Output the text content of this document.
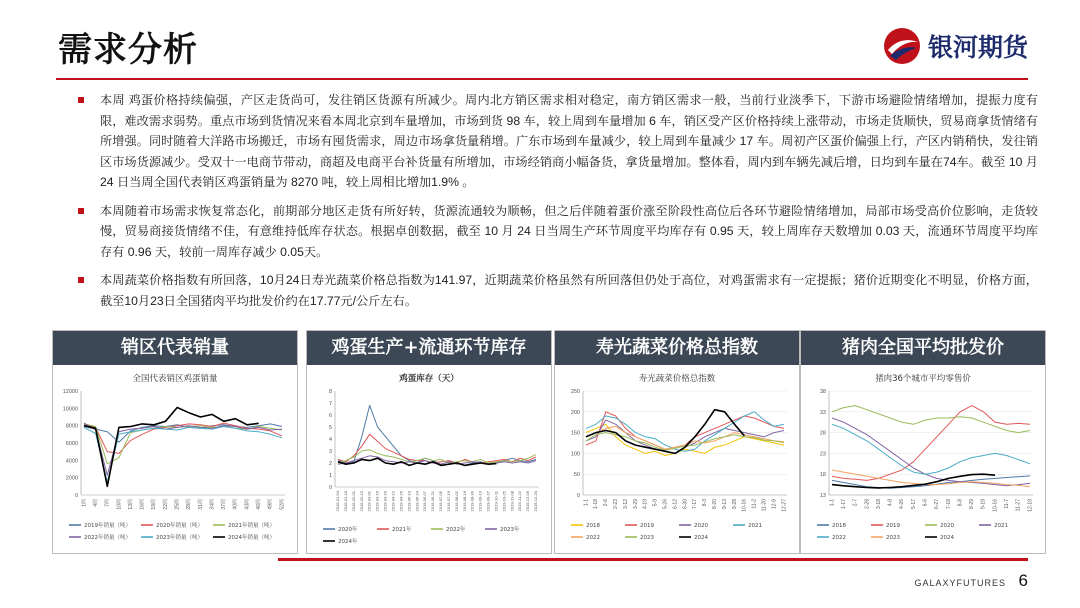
需求分析	银河期货
本周 鸡蛋价格持续偏强，产区走货尚可，发往销区货源有所减少。周内北方销区需求相对稳定，南方销区需求一般，当前行业淡季下，下游市场避险情绪增加，提振力度有限，难改需求弱势。重点市场到货情况来看本周北京到车量增加，市场到货 98 车，较上周到车量增加 6 车，销区受产区价格持续上涨带动，市场走货顺快，贸易商拿货情绪有所增强。同时随着大洋路市场搬迁，市场有囤货需求，周边市场拿货量稍增。广东市场到车量减少，较上周到车量减少 17 车。周初产区蛋价偏强上行，产区内销稍快，发往销区市场货源减少。受双十一电商节带动，商超及电商平台补货量有所增加，市场经销商小幅备货，拿货量增加。整体看，周内到车辆先减后增，日均到车量在74车。截至 10 月 24 日当周全国代表销区鸡蛋销量为 8270 吨，较上周相比增加1.9% 。
本周随着市场需求恢复常态化，前期部分地区走货有所好转，货源流通较为顺畅，但之后伴随着蛋价涨至阶段性高位后各环节避险情绪增加，局部市场受高价位影响，走货较慢，贸易商接货情绪不佳，有意维持低库存状态。根据卓创数据，截至 10 月 24 日当周生产环节周度平均库存有 0.95 天，较上周库存天数增加 0.03 天，流通环节周度平均库存有 0.96 天，较前一周库存减少 0.05天。
本周蔬菜价格指数有所回落，10月24日寿光蔬菜价格总指数为141.97，近期蔬菜价格虽然有所回落但仍处于高位，对鸡蛋需求有一定提振；猪价近期变化不明显，价格方面，截至10月23日全国猪肉平均批发价约在17.77元/公斤左右。
销区代表销量
全国代表销区鸡蛋销量
0
2000
4000
6000
8000
10000
12000
1周 4周 7周 10周 13周 16周 19周 22周 25周 28周 31周 34周 37周 40周 43周 46周 49周 52周
2019年销量（吨）	2020年销量（吨）	2021年销量（吨）
2022年销量（吨）	2023年销量（吨）	2024年销量（吨）
鸡蛋生产+流通环节库存
鸡蛋库存（天）
0
1
2
3
4
5
6
7
8
2019-01-04 2019-01-18 2019-02-01 2019-02-15 2019-03-01 2019-03-15 2019-03-29 2019-04-12 2019-04-26 2019-05-10 2019-05-24 2019-06-07 2019-06-21 2019-07-05 2019-07-19 2019-08-02 2019-08-16 2019-08-30 2019-09-13 2019-09-27 2019-10-11 2019-10-25 2019-11-08 2019-11-22 2019-12-06 2019-12-20
2020年	2021年	2022年	2023年
2024年
寿光蔬菜价格总指数
寿光蔬菜价格总指数
0
50
100
150
200
250
1-1 1-18 2-6 2-23 3-12 3-29 4-19 5-9 5-26 6-12 6-30 7-17 8-3 8-20 9-13 9-28 10-16 11-2 11-20 12-9 12-27
2018	2019	2020	2021
2022	2023	2024
猪肉全国平均批发价
猪肉36个城市平均零售价
13
18
23
28
33
38
1-1 1-17 2-7 2-28 3-18 4-8 4-26 5-17 6-6 6-27 7-18 8-8 8-29 9-19 10-16 11-7 11-27 12-19
2018	2019	2020	2021
2022	2023	2024
GALAXYFUTURES 6
